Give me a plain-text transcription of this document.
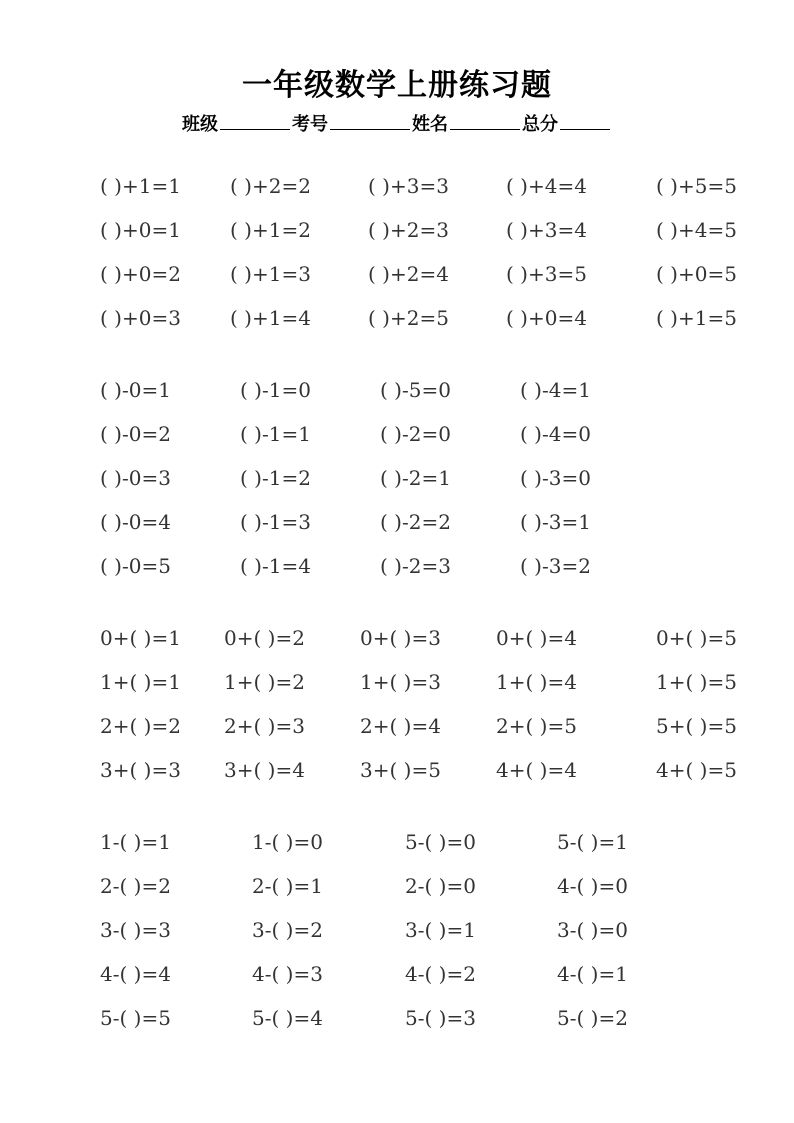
一年级数学上册练习题
班级	考号	姓名	总分
( )+1=1 ( )+2=2	( )+3=3	( )+4=4	( )+5=5
( )+0=1 ( )+1=2	( )+2=3	( )+3=4	( )+4=5
( )+0=2 ( )+1=3	( )+2=4	( )+3=5	( )+0=5
( )+0=3 ( )+1=4	( )+2=5	( )+0=4	( )+1=5
( )-0=1	( )-1=0	( )-5=0	( )-4=1
( )-0=2	( )-1=1	( )-2=0	( )-4=0
( )-0=3	( )-1=2	( )-2=1	( )-3=0
( )-0=4	( )-1=3	( )-2=2	( )-3=1
( )-0=5	( )-1=4	( )-2=3	( )-3=2
0+( )=1 0+( )=2	0+( )=3	0+( )=4	0+( )=5
1+( )=1 1+( )=2	1+( )=3	1+( )=4	1+( )=5
2+( )=2 2+( )=3	2+( )=4	2+( )=5	5+( )=5
3+( )=3 3+( )=4	3+( )=5	4+( )=4	4+( )=5
1-( )=1	1-( )=0	5-( )=0	5-( )=1
2-( )=2	2-( )=1	2-( )=0	4-( )=0
3-( )=3	3-( )=2	3-( )=1	3-( )=0
4-( )=4	4-( )=3	4-( )=2	4-( )=1
5-( )=5	5-( )=4	5-( )=3	5-( )=2
